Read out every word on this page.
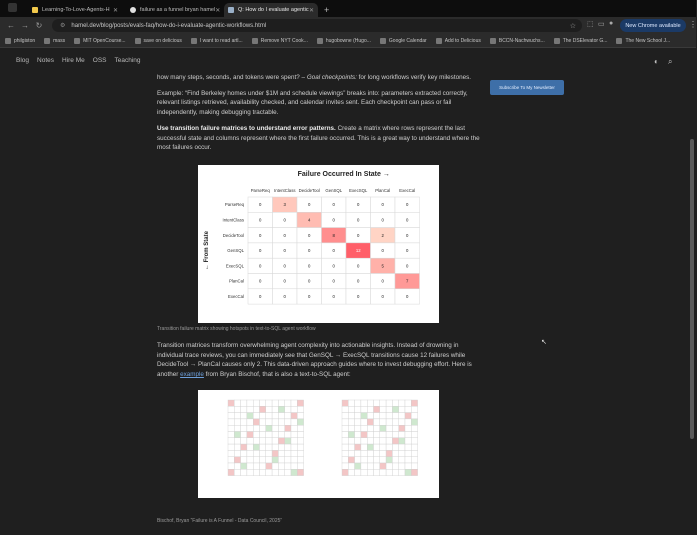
Learning-To-Love-Agents-H ✕	failure as a funnel bryan hamel ✕	Q: How do I evaluate agentic ✕ +
← → ↻	⚙ hamel.dev/blog/posts/evals-faq/how-do-i-evaluate-agentic-workflows.html	☆ ⬚ ▭ ●	New Chrome available	⋮
philgiston	mass	MIT OpenCourse...	save on delicious	I want to read artl...	Remove NYT Cook...	hugobowne (Hugo...	Google Calendar	Add to Delicious	BCCN-Nachwuchs...	The DSElevator G...	The New School J...
Blog Notes Hire Me OSS Teaching	◐ ⌕
Subscribe To My Newsletter

how many steps, seconds, and tokens were spent? – Goal checkpoints: for long workflows verify key milestones.

Example: “Find Berkeley homes under $1M and schedule viewings” breaks into: parameters extracted correctly, relevant listings retrieved, availability checked, and calendar invites sent. Each checkpoint can pass or fail independently, making debugging tractable.

Use transition failure matrices to understand error patterns. Create a matrix where rows represent the last successful state and columns represent where the first failure occurred. This is a great way to understand where the most failures occur.

Failure Occurred In State →
← From State
ParseReq IntentClass DecideTool GenSQL ExecSQL PlanCal ExecCal
ParseReq	0	3	0	0	0	0	0
IntentClass	0	0	4	0	0	0	0
DecideTool	0	0	0	8	0	2	0
GenSQL	0	0	0	0	12	0	0
ExecSQL	0	0	0	0	0	5	0
PlanCal	0	0	0	0	0	0	7
ExecCal	0	0	0	0	0	0	0
Transition failure matrix showing hotspots in text-to-SQL agent workflow

Transition matrices transform overwhelming agent complexity into actionable insights. Instead of drowning in individual trace reviews, you can immediately see that GenSQL → ExecSQL transitions cause 12 failures while DecideTool → PlanCal causes only 2. This data-driven approach guides where to invest debugging effort. Here is another example from Bryan Bischof, that is also a text-to-SQL agent:

Bischof, Bryan “Failure is A Funnel - Data Council, 2025”
↖
